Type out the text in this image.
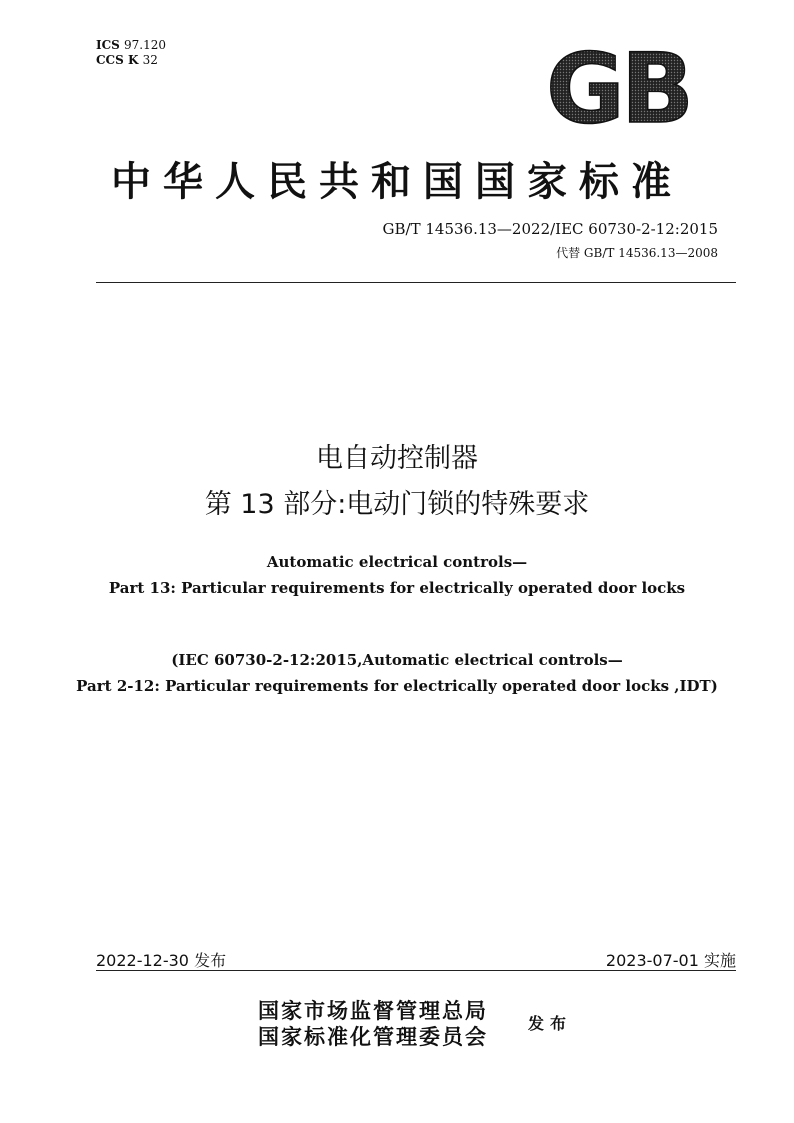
ICS 97.120
CCS K 32	GB
中华人民共和国国家标准
GB/T 14536.13—2022/IEC 60730-2-12:2015
代替 GB/T 14536.13—2008
电自动控制器
第 13 部分:电动门锁的特殊要求
Automatic electrical controls—
Part 13: Particular requirements for electrically operated door locks
(IEC 60730-2-12:2015,Automatic electrical controls—
Part 2-12: Particular requirements for electrically operated door locks ,IDT)
2022-12-30 发布	2023-07-01 实施
国家市场监督管理总局
国家标准化管理委员会
发布
